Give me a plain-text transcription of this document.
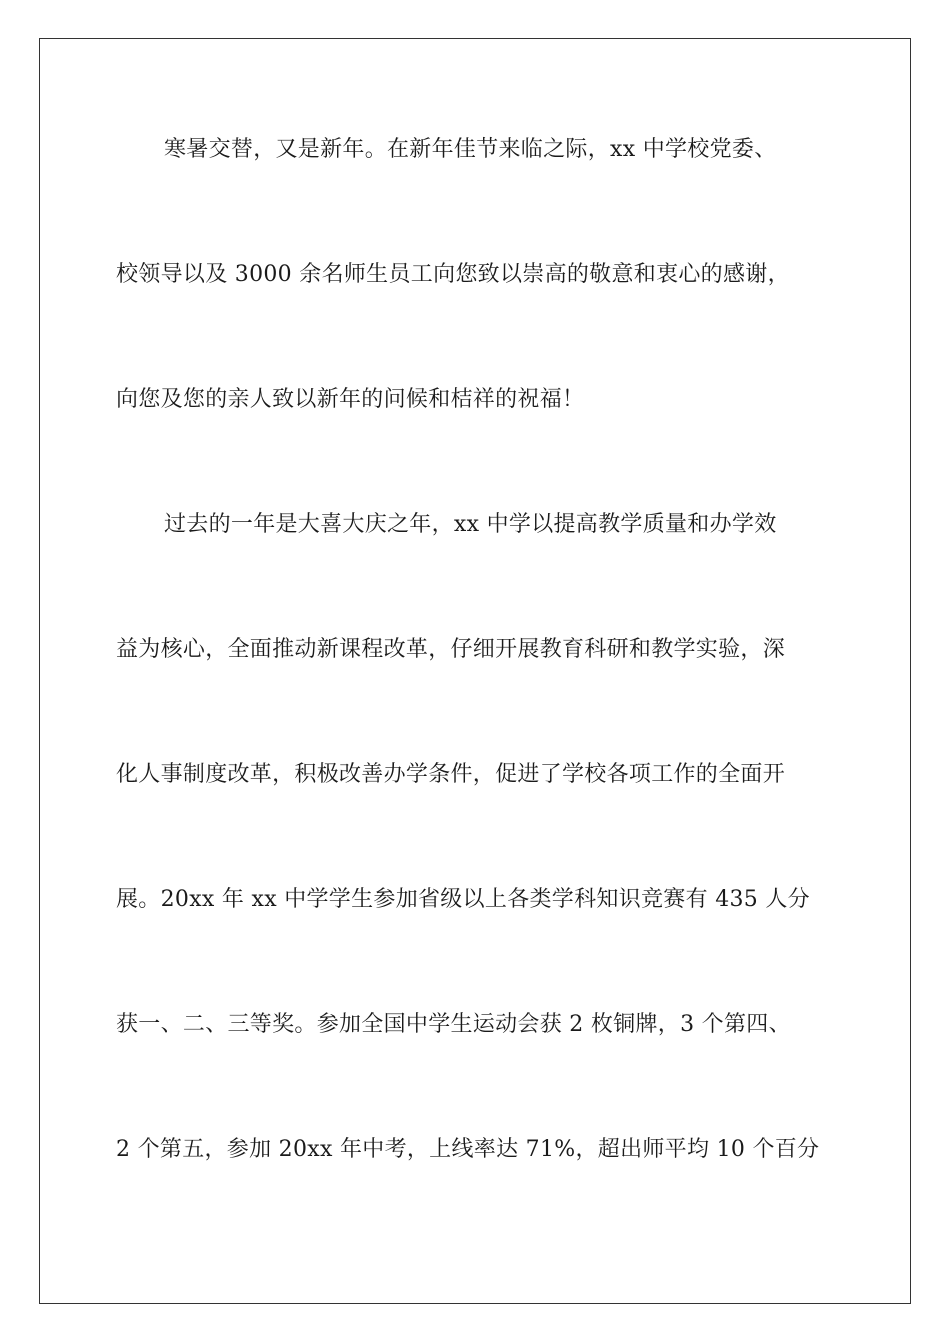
寒暑交替，又是新年。在新年佳节来临之际，xx 中学校党委、
校领导以及 3000 余名师生员工向您致以崇高的敬意和衷心的感谢，
向您及您的亲人致以新年的问候和桔祥的祝福！
过去的一年是大喜大庆之年，xx 中学以提高教学质量和办学效
益为核心，全面推动新课程改革，仔细开展教育科研和教学实验，深
化人事制度改革，积极改善办学条件，促进了学校各项工作的全面开
展。20xx 年 xx 中学学生参加省级以上各类学科知识竞赛有 435 人分
获一、二、三等奖。参加全国中学生运动会获 2 枚铜牌，3 个第四、
2 个第五，参加 20xx 年中考，上线率达 71%，超出师平均 10 个百分
